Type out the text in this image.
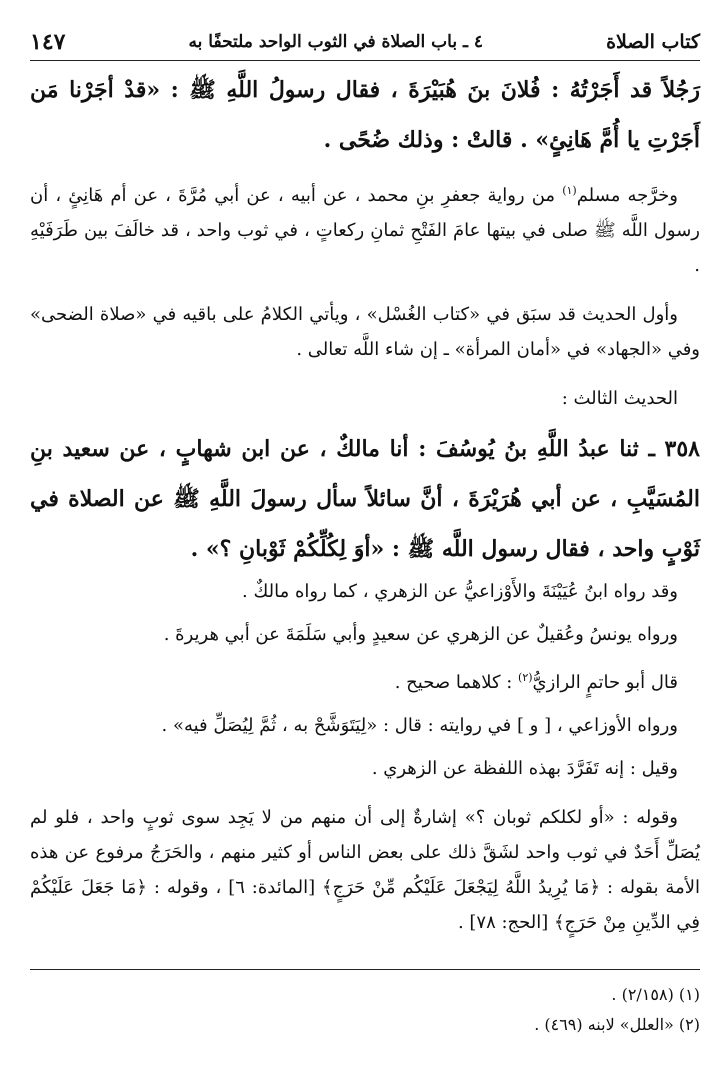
كتاب الصلاة
٤ ـ باب الصلاة في الثوب الواحد ملتحفًا به
١٤٧

رَجُلاً قد أَجَرْتُهُ : فُلانَ بنَ هُبَيْرَةَ ، فقال رسولُ اللَّهِ ﷺ : «قدْ أجَرْنا مَن أَجَرْتِ يا أُمَّ هَانِئٍ» . قالتْ : وذلك ضُحًى .

وخرَّجه مسلم$^{(١)}$ من رواية جعفرِ بنِ محمد ، عن أبيه ، عن أبي مُرَّةَ ، عن أم هَانِئٍ ، أن رسول اللَّه ﷺ صلى في بيتها عامَ الفَتْحِ ثمانِ ركعاتٍ ، في ثوب واحد ، قد خالَفَ بين طَرَفَيْهِ .

وأول الحديث قد سبَق في «كتاب الغُسْل» ، ويأتي الكلامُ على باقيه في «صلاة الضحى» وفي «الجهاد» في «أمان المرأة» ـ إن شاء اللَّه تعالى .

الحديث الثالث :

٣٥٨ ـ ثنا عبدُ اللَّهِ بنُ يُوسُفَ : أنا مالكٌ ، عن ابن شهابٍ ، عن سعيد بنِ المُسَيَّبِ ، عن أبي هُرَيْرَةَ ، أنَّ سائلاً سأل رسولَ اللَّهِ ﷺ عن الصلاة في ثَوْبٍ واحد ، فقال رسول اللَّه ﷺ : «أوَ لِكُلِّكُمْ ثَوْبانِ ؟» .

وقد رواه ابنُ عُيَيْنَةَ والأَوْزاعيُّ عن الزهري ، كما رواه مالكٌ .

ورواه يونسُ وعُقيلٌ عن الزهري عن سعيدٍ وأبي سَلَمَةَ عن أبي هريرةَ .

قال أبو حاتمٍ الرازيُّ$^{(٢)}$ : كلاهما صحيح .

ورواه الأوزاعي ، [ و ] في روايته : قال : «لِيَتَوَشَّحْ به ، ثُمَّ لِيُصَلِّ فيه» .

وقيل : إنه تَفَرَّدَ بهذه اللفظة عن الزهري .

وقوله : «أو لكلكم ثوبان ؟» إشارةٌ إلى أن منهم من لا يَجِد سوى ثوبٍ واحد ، فلو لم يُصَلِّ أَحَدٌ في ثوب واحد لشَقَّ ذلك على بعض الناس أو كثير منهم ، والحَرَجُ مرفوع عن هذه الأمة بقوله : ﴿مَا يُرِيدُ اللَّهُ لِيَجْعَلَ عَلَيْكُم مِّنْ حَرَجٍ﴾ [المائدة: ٦] ، وقوله : ﴿مَا جَعَلَ عَلَيْكُمْ فِي الدِّينِ مِنْ حَرَجٍ﴾ [الحج: ٧٨] .

(١) (٢/١٥٨) .

(٢) «العلل» لابنه (٤٦٩) .
